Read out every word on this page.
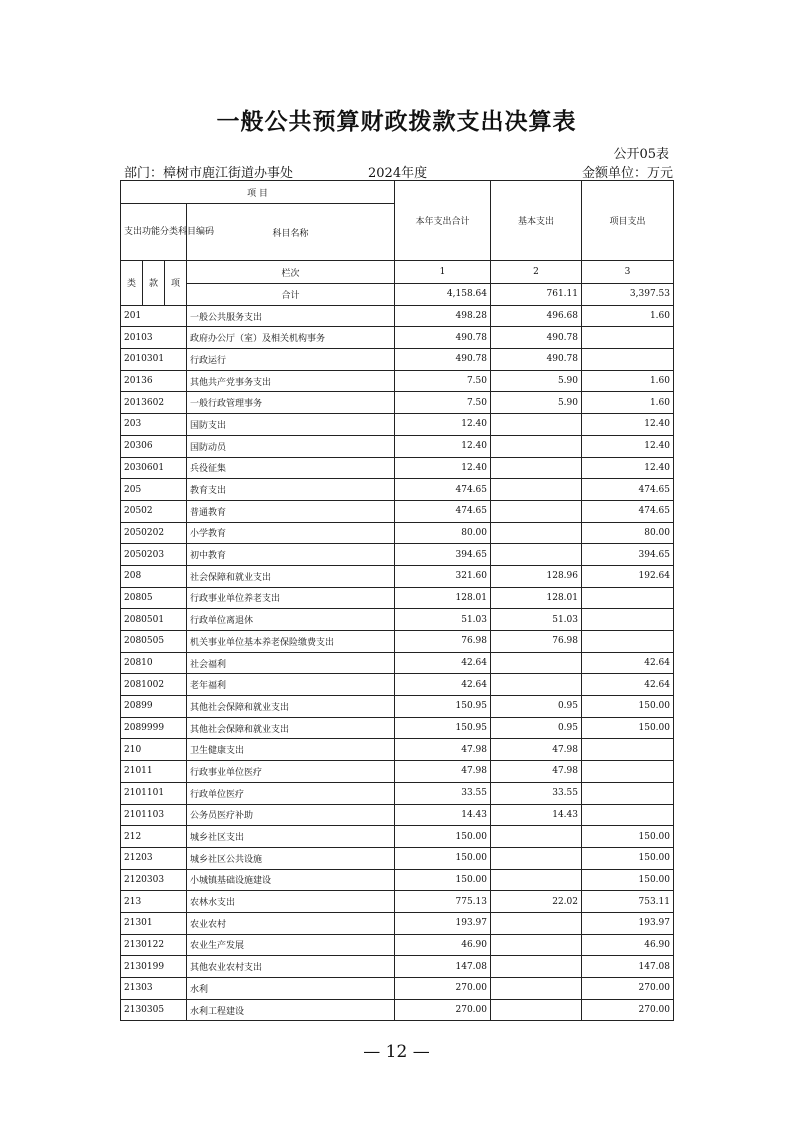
一般公共预算财政拨款支出决算表
公开05表
部门：樟树市鹿江街道办事处	2024年度	金额单位：万元
项 目				本年支出合计	基本支出	项目支出
支出功能分类科目编码			科目名称			
类	款	项	栏次	1	2	3
			合计	4,158.64	761.11	3,397.53
201			一般公共服务支出	498.28	496.68	1.60
20103			政府办公厅（室）及相关机构事务	490.78	490.78	
2010301			行政运行	490.78	490.78	
20136			其他共产党事务支出	7.50	5.90	1.60
2013602			一般行政管理事务	7.50	5.90	1.60
203			国防支出	12.40		12.40
20306			国防动员	12.40		12.40
2030601			兵役征集	12.40		12.40
205			教育支出	474.65		474.65
20502			普通教育	474.65		474.65
2050202			小学教育	80.00		80.00
2050203			初中教育	394.65		394.65
208			社会保障和就业支出	321.60	128.96	192.64
20805			行政事业单位养老支出	128.01	128.01	
2080501			行政单位离退休	51.03	51.03	
2080505			机关事业单位基本养老保险缴费支出	76.98	76.98	
20810			社会福利	42.64		42.64
2081002			老年福利	42.64		42.64
20899			其他社会保障和就业支出	150.95	0.95	150.00
2089999			其他社会保障和就业支出	150.95	0.95	150.00
210			卫生健康支出	47.98	47.98	
21011			行政事业单位医疗	47.98	47.98	
2101101			行政单位医疗	33.55	33.55	
2101103			公务员医疗补助	14.43	14.43	
212			城乡社区支出	150.00		150.00
21203			城乡社区公共设施	150.00		150.00
2120303			小城镇基础设施建设	150.00		150.00
213			农林水支出	775.13	22.02	753.11
21301			农业农村	193.97		193.97
2130122			农业生产发展	46.90		46.90
2130199			其他农业农村支出	147.08		147.08
21303			水利	270.00		270.00
2130305			水利工程建设	270.00		270.00
— 12 —
